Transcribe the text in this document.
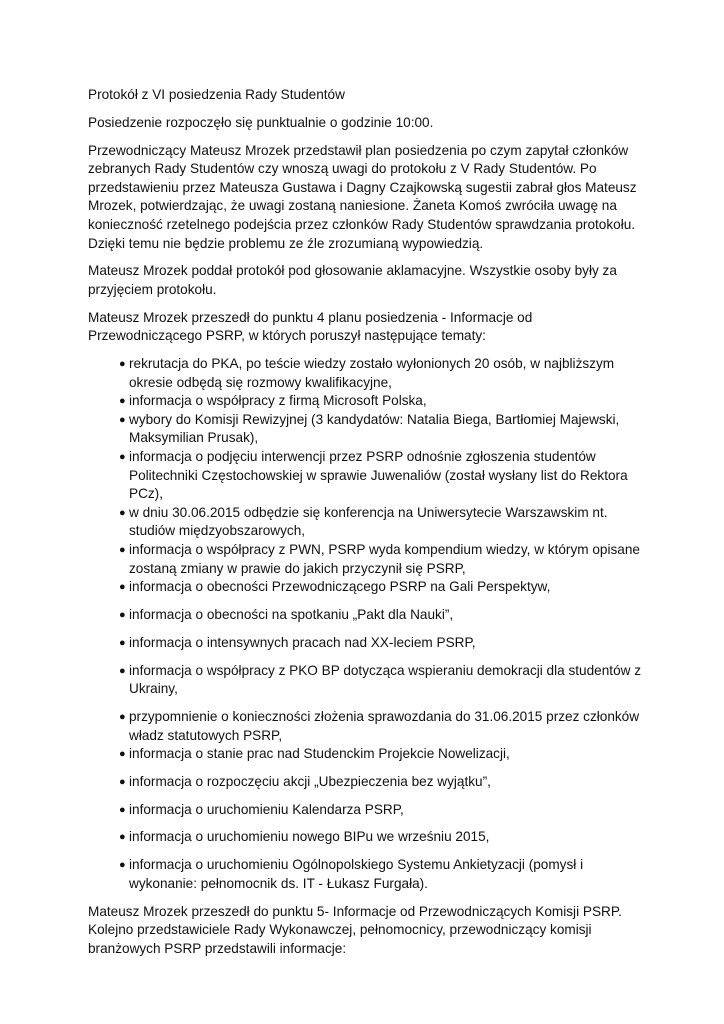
Protokół z VI posiedzenia Rady Studentów

Posiedzenie rozpoczęło się punktualnie o godzinie 10:00.

Przewodniczący Mateusz Mrozek przedstawił plan posiedzenia po czym zapytał członków zebranych Rady Studentów czy wnoszą uwagi do protokołu z V Rady Studentów. Po przedstawieniu przez Mateusza Gustawa i Dagny Czajkowską sugestii zabrał głos Mateusz Mrozek, potwierdzając, że uwagi zostaną naniesione. Żaneta Komoś zwróciła uwagę na konieczność rzetelnego podejścia przez członków Rady Studentów sprawdzania protokołu. Dzięki temu nie będzie problemu ze źle zrozumianą wypowiedzią.

Mateusz Mrozek poddał protokół pod głosowanie aklamacyjne. Wszystkie osoby były za przyjęciem protokołu.

Mateusz Mrozek przeszedł do punktu 4 planu posiedzenia - Informacje od Przewodniczącego PSRP, w których poruszył następujące tematy:

● rekrutacja do PKA, po teście wiedzy zostało wyłonionych 20 osób, w najbliższym okresie odbędą się rozmowy kwalifikacyjne,
● informacja o współpracy z firmą Microsoft Polska,
● wybory do Komisji Rewizyjnej (3 kandydatów: Natalia Biega, Bartłomiej Majewski, Maksymilian Prusak),
● informacja o podjęciu interwencji przez PSRP odnośnie zgłoszenia studentów Politechniki Częstochowskiej w sprawie Juwenaliów (został wysłany list do Rektora PCz),
● w dniu 30.06.2015 odbędzie się konferencja na Uniwersytecie Warszawskim nt. studiów międzyobszarowych,
● informacja o współpracy z PWN, PSRP wyda kompendium wiedzy, w którym opisane zostaną zmiany w prawie do jakich przyczynił się PSRP,
● informacja o obecności Przewodniczącego PSRP na Gali Perspektyw,
● informacja o obecności na spotkaniu „Pakt dla Nauki”,
● informacja o intensywnych pracach nad XX-leciem PSRP,
● informacja o współpracy z PKO BP dotycząca wspieraniu demokracji dla studentów z Ukrainy,
● przypomnienie o konieczności złożenia sprawozdania do 31.06.2015 przez członków władz statutowych PSRP,
● informacja o stanie prac nad Studenckim Projekcie Nowelizacji,
● informacja o rozpoczęciu akcji „Ubezpieczenia bez wyjątku”,
● informacja o uruchomieniu Kalendarza PSRP,
● informacja o uruchomieniu nowego BIPu we wrześniu 2015,
● informacja o uruchomieniu Ogólnopolskiego Systemu Ankietyzacji (pomysł i wykonanie: pełnomocnik ds. IT - Łukasz Furgała).

Mateusz Mrozek przeszedł do punktu 5- Informacje od Przewodniczących Komisji PSRP. Kolejno przedstawiciele Rady Wykonawczej, pełnomocnicy, przewodniczący komisji branżowych PSRP przedstawili informacje:
